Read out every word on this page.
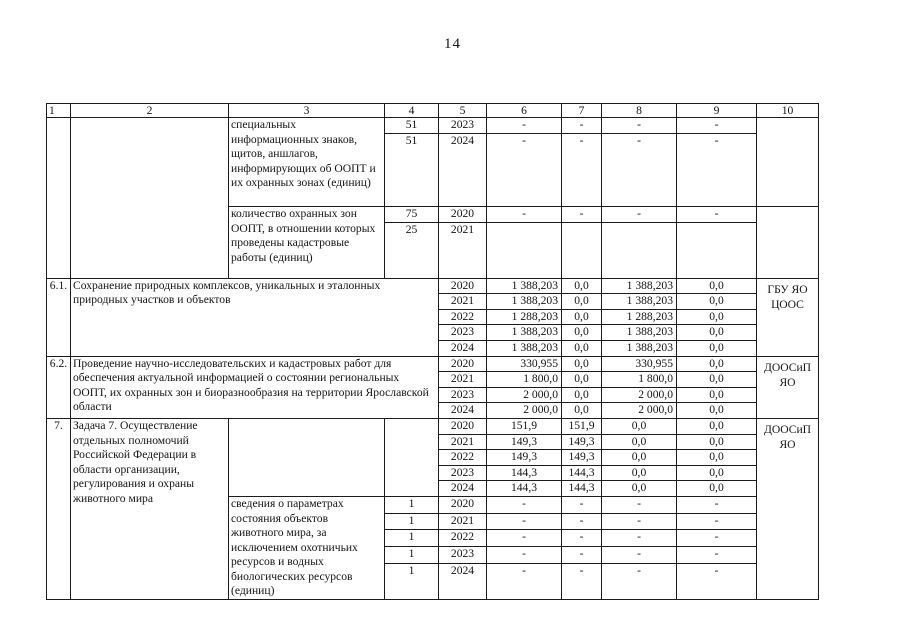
14
1	2	3	4	5	6	7	8	9	10
		специальных информационных знаков, щитов, аншлагов, информирующих об ООПТ и их охранных зонах (единиц)	51	2023	-	-	-	-	
			51	2024	-	-	-	-	
		количество охранных зон ООПТ, в отношении которых проведены кадастровые работы (единиц)	75	2020	-	-	-	-	
			25	2021					
6.1.	Сохранение природных комплексов, уникальных и эталонных природных участков и объектов			2020	1 388,203	0,0	1 388,203	0,0	ГБУ ЯО ЦООС
				2021	1 388,203	0,0	1 388,203	0,0	
				2022	1 288,203	0,0	1 288,203	0,0	
				2023	1 388,203	0,0	1 388,203	0,0	
				2024	1 388,203	0,0	1 388,203	0,0	
6.2.	Проведение научно-исследовательских и кадастровых работ для обеспечения актуальной информацией о состоянии региональных ООПТ, их охранных зон и биоразнообразия на территории Ярославской области			2020	330,955	0,0	330,955	0,0	ДООСиП ЯО
				2021	1 800,0	0,0	1 800,0	0,0	
				2023	2 000,0	0,0	2 000,0	0,0	
				2024	2 000,0	0,0	2 000,0	0,0	
7.	Задача 7. Осуществление отдельных полномочий Российской Федерации в области организации, регулирования и охраны животного мира			2020	151,9	151,9	0,0	0,0	ДООСиП ЯО
				2021	149,3	149,3	0,0	0,0	
				2022	149,3	149,3	0,0	0,0	
				2023	144,3	144,3	0,0	0,0	
				2024	144,3	144,3	0,0	0,0	
		сведения о параметрах состояния объектов животного мира, за исключением охотничьих ресурсов и водных биологических ресурсов (единиц)	1	2020	-	-	-	-	
			1	2021	-	-	-	-	
			1	2022	-	-	-	-	
			1	2023	-	-	-	-	
			1	2024	-	-	-	-	
